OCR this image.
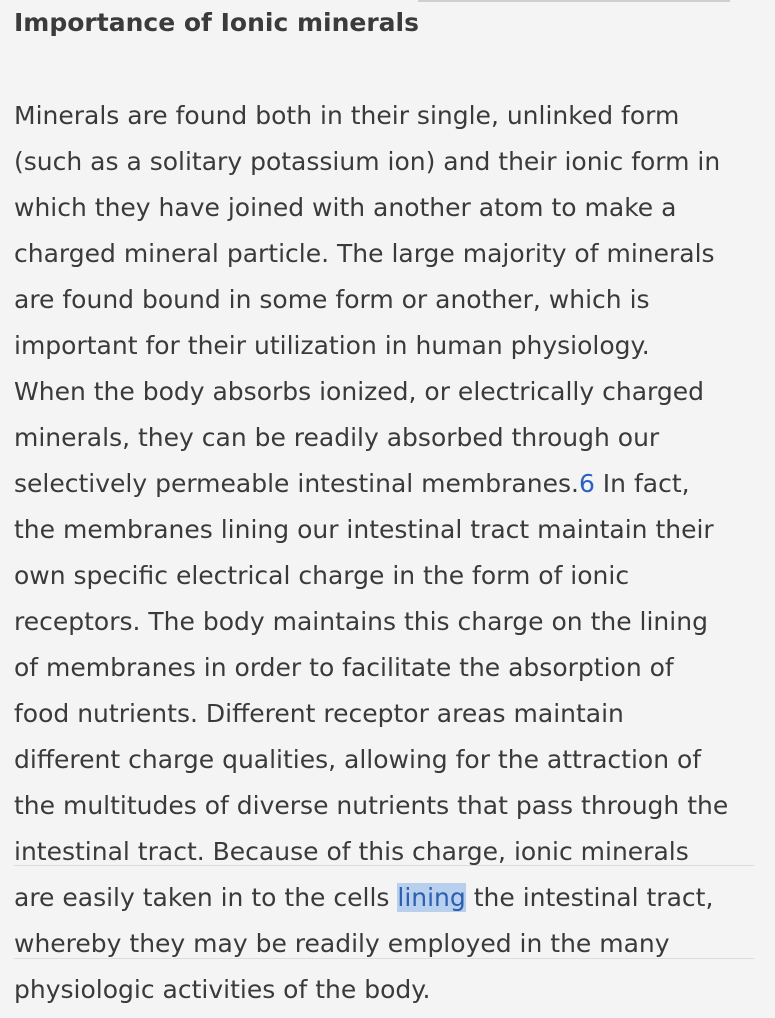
Importance of Ionic minerals

Minerals are found both in their single, unlinked form
(such as a solitary potassium ion) and their ionic form in
which they have joined with another atom to make a
charged mineral particle. The large majority of minerals
are found bound in some form or another, which is
important for their utilization in human physiology.
When the body absorbs ionized, or electrically charged
minerals, they can be readily absorbed through our
selectively permeable intestinal membranes.6 In fact,
the membranes lining our intestinal tract maintain their
own specific electrical charge in the form of ionic
receptors. The body maintains this charge on the lining
of membranes in order to facilitate the absorption of
food nutrients. Different receptor areas maintain
different charge qualities, allowing for the attraction of
the multitudes of diverse nutrients that pass through the
intestinal tract. Because of this charge, ionic minerals
are easily taken in to the cells lining the intestinal tract,
whereby they may be readily employed in the many
physiologic activities of the body.
